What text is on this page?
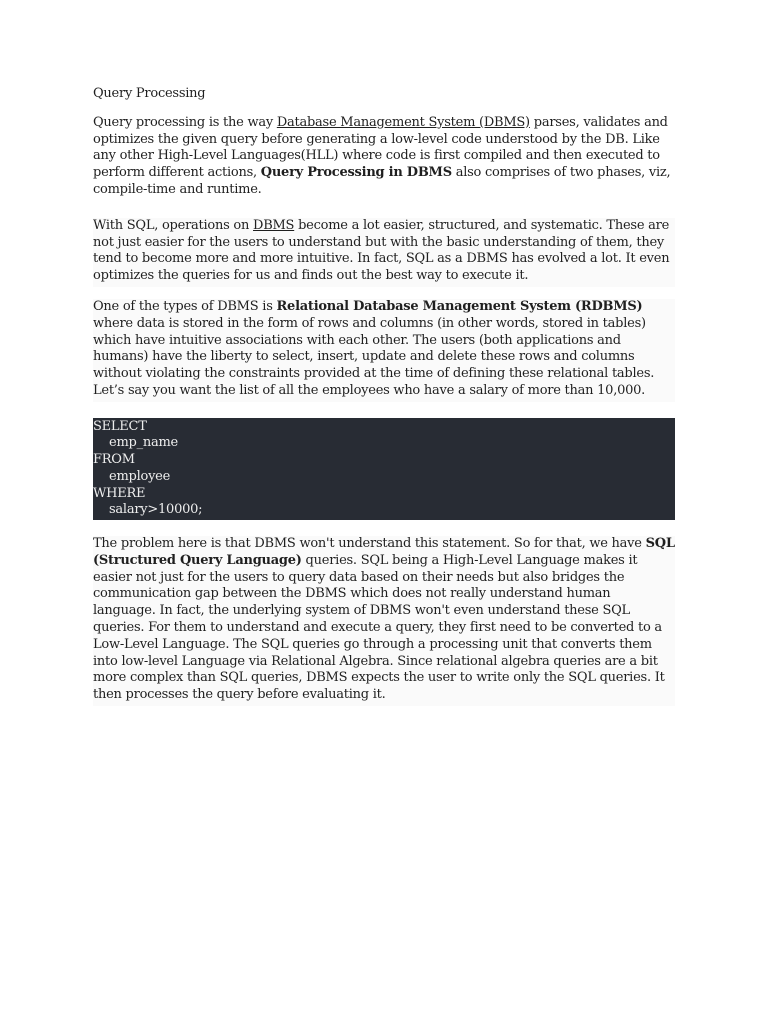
Query Processing

Query processing is the way Database Management System (DBMS) parses, validates and optimizes the given query before generating a low-level code understood by the DB. Like any other High-Level Languages(HLL) where code is first compiled and then executed to perform different actions, Query Processing in DBMS also comprises of two phases, viz, compile-time and runtime.

With SQL, operations on DBMS become a lot easier, structured, and systematic. These are not just easier for the users to understand but with the basic understanding of them, they tend to become more and more intuitive. In fact, SQL as a DBMS has evolved a lot. It even optimizes the queries for us and finds out the best way to execute it.

One of the types of DBMS is Relational Database Management System (RDBMS) where data is stored in the form of rows and columns (in other words, stored in tables) which have intuitive associations with each other. The users (both applications and humans) have the liberty to select, insert, update and delete these rows and columns without violating the constraints provided at the time of defining these relational tables. Let’s say you want the list of all the employees who have a salary of more than 10,000.

SELECT
emp_name
FROM
employee
WHERE
salary>10000;

The problem here is that DBMS won't understand this statement. So for that, we have SQL (Structured Query Language) queries. SQL being a High-Level Language makes it easier not just for the users to query data based on their needs but also bridges the communication gap between the DBMS which does not really understand human language. In fact, the underlying system of DBMS won't even understand these SQL queries. For them to understand and execute a query, they first need to be converted to a Low-Level Language. The SQL queries go through a processing unit that converts them into low-level Language via Relational Algebra. Since relational algebra queries are a bit more complex than SQL queries, DBMS expects the user to write only the SQL queries. It then processes the query before evaluating it.
